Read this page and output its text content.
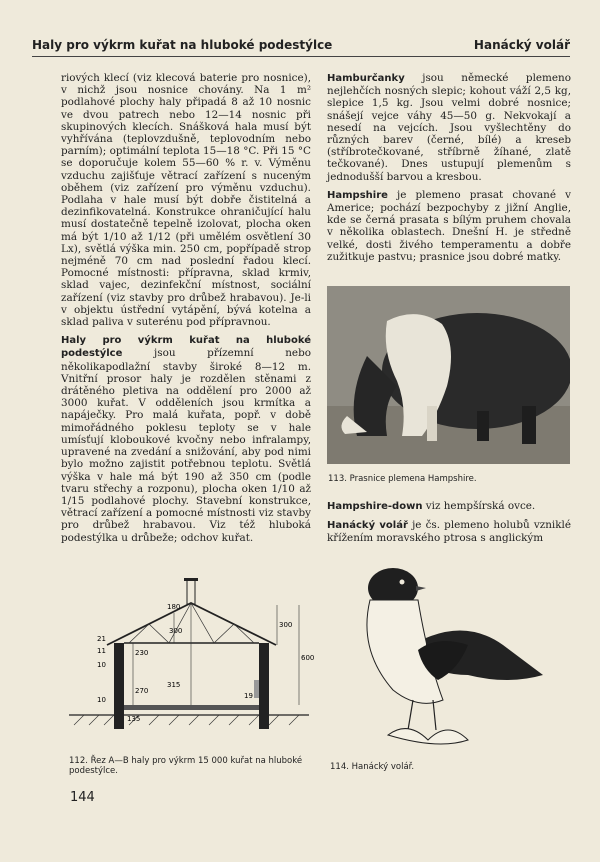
Haly pro výkrm kuřat na hluboké podestýlce	Hanácký volář

riových klecí (viz klecová baterie pro nosnice), v nichž jsou nosnice chovány. Na 1 m² podlahové plochy haly připadá 8 až 10 nosnic ve dvou patrech nebo 12—14 nosnic při skupinových klecích. Snášková hala musí být vyhřívána (teplovzdušně, teplovodním nebo parním); optimální teplota 15—18 °C. Při 15 °C se doporučuje kolem 55—60 % r. v. Výměnu vzduchu zajišťuje větrací zařízení s nuceným oběhem (viz zařízení pro výměnu vzduchu). Podlaha v hale musí být dobře čistitelná a dezinfikovatelná. Konstrukce ohraničující halu musí dostatečně tepelně izolovat, plocha oken má být 1/10 až 1/12 (při umělém osvětlení 30 Lx), světlá výška min. 250 cm, popřípadě strop nejméně 70 cm nad poslední řadou klecí. Pomocné místnosti: přípravna, sklad krmiv, sklad vajec, dezinfekční místnost, sociální zařízení (viz stavby pro drůbež hrabavou). Je-li v objektu ústřední vytápění, bývá kotelna a sklad paliva v suterénu pod přípravnou.

Haly pro výkrm kuřat na hluboké podestýlce	jsou přízemní nebo několikapodlažní stavby široké 8—12 m. Vnitřní prosor haly je rozdělen stěnami z drátěného pletiva na oddělení pro 2000 až 3000 kuřat. V odděleních jsou krmítka a napáječky. Pro malá kuřata, popř. v době mimořádného poklesu teploty se v hale umísťují kloboukové kvočny nebo infralampy, upravené na zvedání a snižování, aby pod nimi bylo možno zajistit potřebnou teplotu. Světlá výška v hale má být 190 až 350 cm (podle tvaru střechy a rozponu), plocha oken 1/10 až 1/15 podlahové plochy. Stavební konstrukce, větrací zařízení a pomocné místnosti viz stavby pro drůbež hrabavou. Viz též hluboká podestýlka u drůbeže; odchov kuřat.

Hamburčanky jsou německé plemeno nejlehčích nosných slepic; kohout váží 2,5 kg, slepice 1,5 kg. Jsou velmi dobré nosnice; snášejí vejce váhy 45—50 g. Nekvokají a nesedí na vejcích. Jsou vyšlechtěny do různých barev (černé, bílé) a kreseb (stříbrotečkované, stříbrně žíhané, zlatě tečkované). Dnes ustupují plemenům s jednodušší barvou a kresbou.

Hampshire je plemeno prasat chované v Americe; pochází bezpochyby z jižní Anglie, kde se černá prasata s bílým pruhem chovala v několika oblastech. Dnešní H. je středně velké, dosti živého temperamentu a dobře zužitkuje pastvu; prasnice jsou dobré matky.

113. Prasnice plemena Hampshire.

Hampshire-down viz hempšírská ovce.

Hanácký volář je čs. plemeno holubů vzniklé křížením moravského ptrosa s anglickým

300
600
180
230
270
315
300
21
11
10
10	19
135
112. Řez A—B haly pro výkrm 15 000 kuřat na hluboké podestýlce.	114. Hanácký volář.
144
